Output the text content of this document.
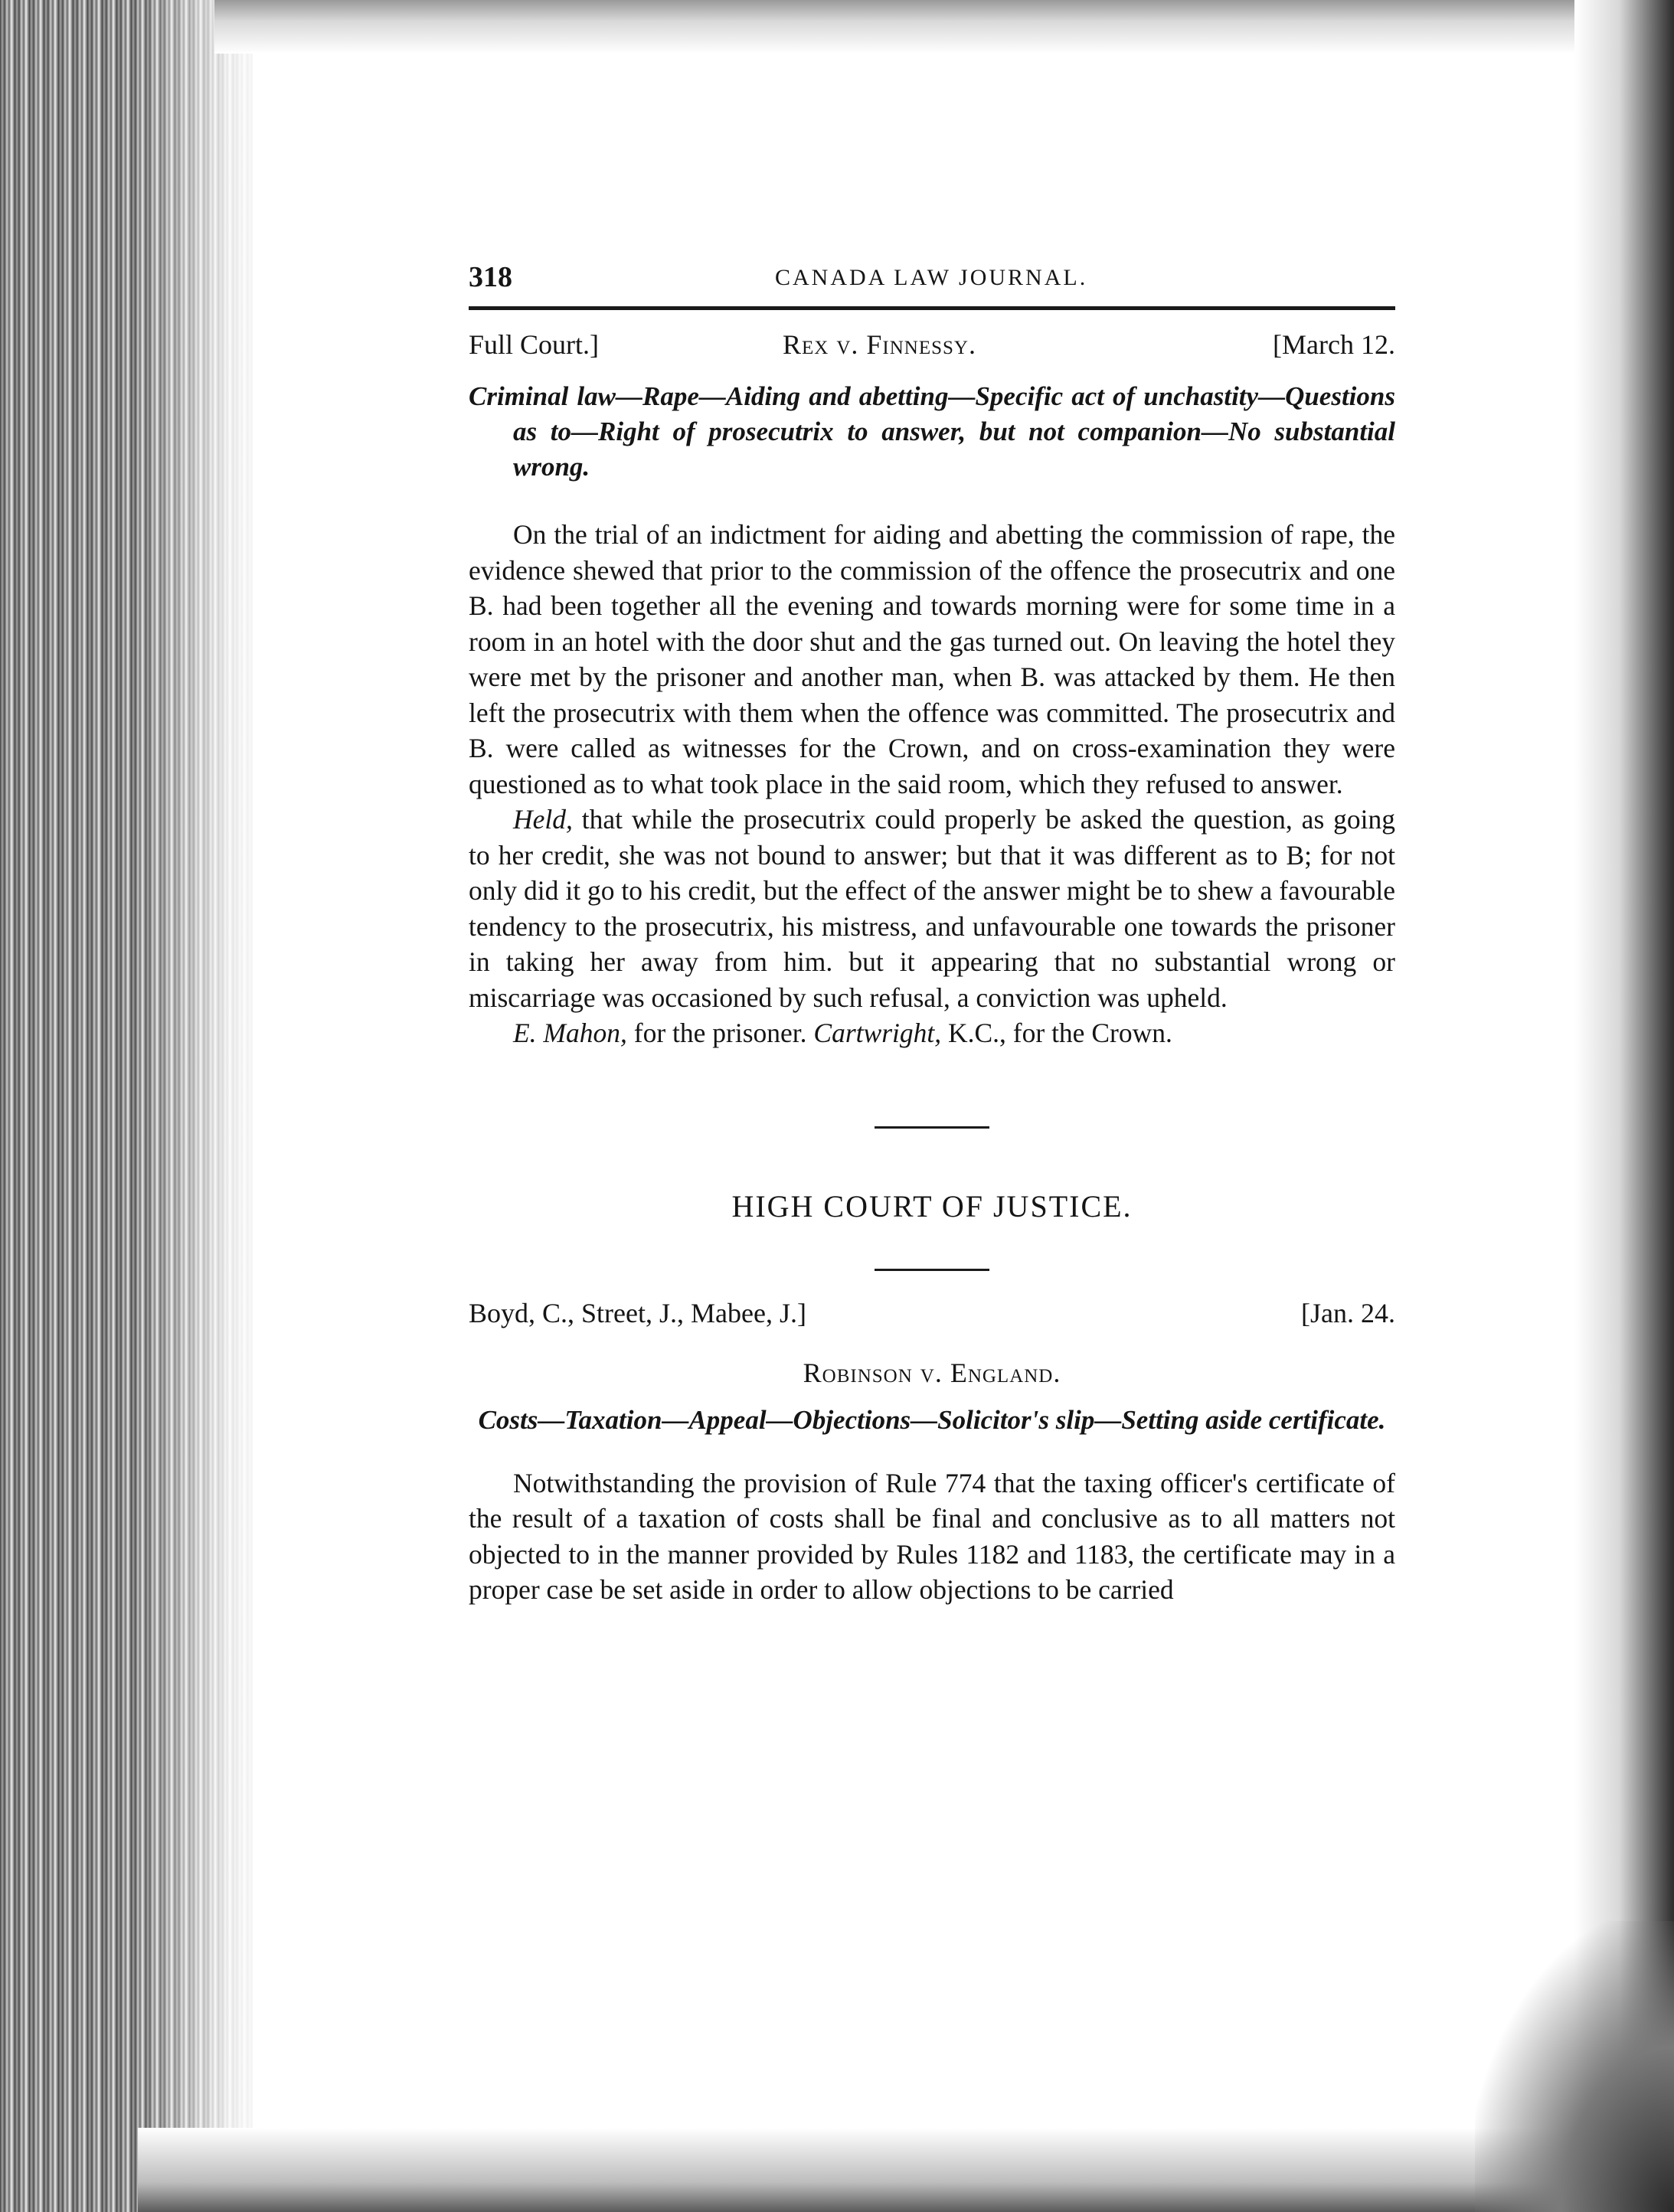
318	CANADA LAW JOURNAL.
Full Court.]	Rex v. Finnessy.	[March 12.
Criminal law—Rape—Aiding and abetting—Specific act of unchastity—Questions as to—Right of prosecutrix to answer, but not companion—No substantial wrong.

On the trial of an indictment for aiding and abetting the commission of rape, the evidence shewed that prior to the commission of the offence the prosecutrix and one B. had been together all the evening and towards morning were for some time in a room in an hotel with the door shut and the gas turned out. On leaving the hotel they were met by the prisoner and another man, when B. was attacked by them. He then left the prosecutrix with them when the offence was committed. The prosecutrix and B. were called as witnesses for the Crown, and on cross-examination they were questioned as to what took place in the said room, which they refused to answer.

Held, that while the prosecutrix could properly be asked the question, as going to her credit, she was not bound to answer; but that it was different as to B; for not only did it go to his credit, but the effect of the answer might be to shew a favourable tendency to the prosecutrix, his mistress, and unfavourable one towards the prisoner in taking her away from him. but it appearing that no substantial wrong or miscarriage was occasioned by such refusal, a conviction was upheld.

E. Mahon, for the prisoner. Cartwright, K.C., for the Crown.

HIGH COURT OF JUSTICE.
Boyd, C., Street, J., Mabee, J.]	[Jan. 24.
Robinson v. England.
Costs—Taxation—Appeal—Objections—Solicitor's slip—Setting aside certificate.

Notwithstanding the provision of Rule 774 that the taxing officer's certificate of the result of a taxation of costs shall be final and conclusive as to all matters not objected to in the manner provided by Rules 1182 and 1183, the certificate may in a proper case be set aside in order to allow objections to be carried
